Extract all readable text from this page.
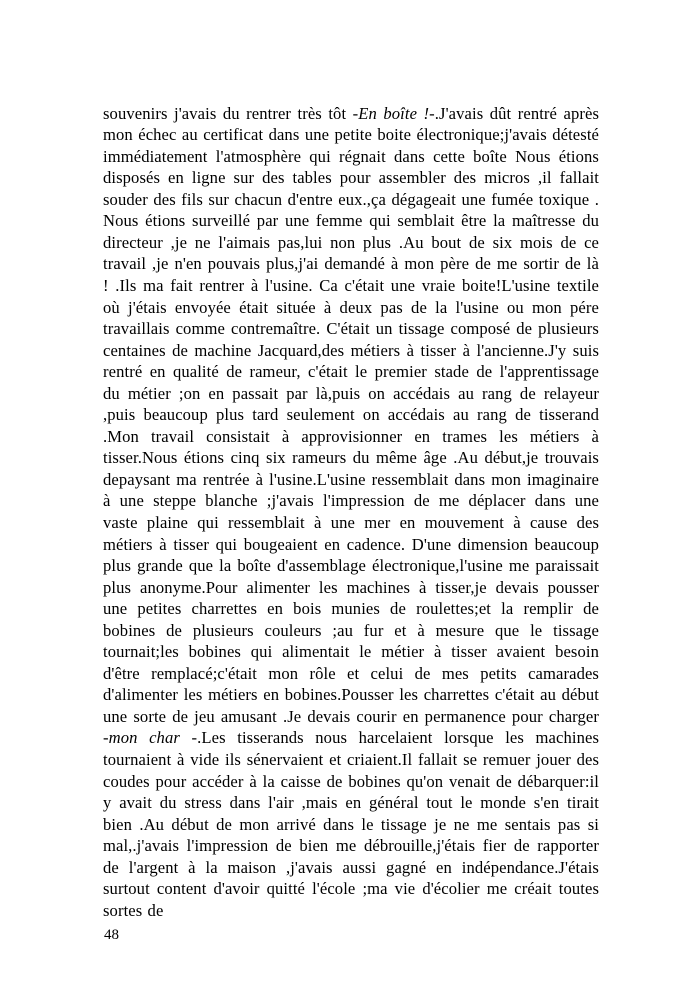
souvenirs j'avais du rentrer très tôt -En boîte !-.J'avais dût rentré après mon échec au certificat dans une petite boite électronique;j'avais détesté immédiatement l'atmosphère qui régnait dans cette boîte Nous étions disposés en ligne sur des tables pour assembler des micros ,il fallait souder des fils sur chacun d'entre eux.,ça dégageait une fumée toxique . Nous étions surveillé par une femme qui semblait être la maîtresse du directeur ,je ne l'aimais pas,lui non plus .Au bout de six mois de ce travail ,je n'en pouvais plus,j'ai demandé à mon père de me sortir de là ! .Ils ma fait rentrer à l'usine. Ca c'était une vraie boite!L'usine textile où j'étais envoyée était située à deux pas de la l'usine ou mon pére travaillais comme contremaître. C'était un tissage composé de plusieurs centaines de machine Jacquard,des métiers à tisser à l'ancienne.J'y suis rentré en qualité de rameur, c'était le premier stade de l'apprentissage du métier ;on en passait par là,puis on accédais au rang de relayeur ,puis beaucoup plus tard seulement on accédais au rang de tisserand .Mon travail consistait à approvisionner en trames les métiers à tisser.Nous étions cinq six rameurs du même âge .Au début,je trouvais depaysant ma rentrée à l'usine.L'usine ressemblait dans mon imaginaire à une steppe blanche ;j'avais l'impression de me déplacer dans une vaste plaine qui ressemblait à une mer en mouvement à cause des métiers à tisser qui bougeaient en cadence. D'une dimension beaucoup plus grande que la boîte d'assemblage électronique,l'usine me paraissait plus anonyme.Pour alimenter les machines à tisser,je devais pousser une petites charrettes en bois munies de roulettes;et la remplir de bobines de plusieurs couleurs ;au fur et à mesure que le tissage tournait;les bobines qui alimentait le métier à tisser avaient besoin d'être remplacé;c'était mon rôle et celui de mes petits camarades d'alimenter les métiers en bobines.Pousser les charrettes c'était au début une sorte de jeu amusant .Je devais courir en permanence pour charger -mon char -.Les tisserands nous harcelaient lorsque les machines tournaient à vide ils sénervaient et criaient.Il fallait se remuer jouer des coudes pour accéder à la caisse de bobines qu'on venait de débarquer:il y avait du stress dans l'air ,mais en général tout le monde s'en tirait bien .Au début de mon arrivé dans le tissage je ne me sentais pas si mal,.j'avais l'impression de bien me débrouille,j'étais fier de rapporter de l'argent à la maison ,j'avais aussi gagné en indépendance.J'étais surtout content d'avoir quitté l'école ;ma vie d'écolier me créait toutes sortes de

48
